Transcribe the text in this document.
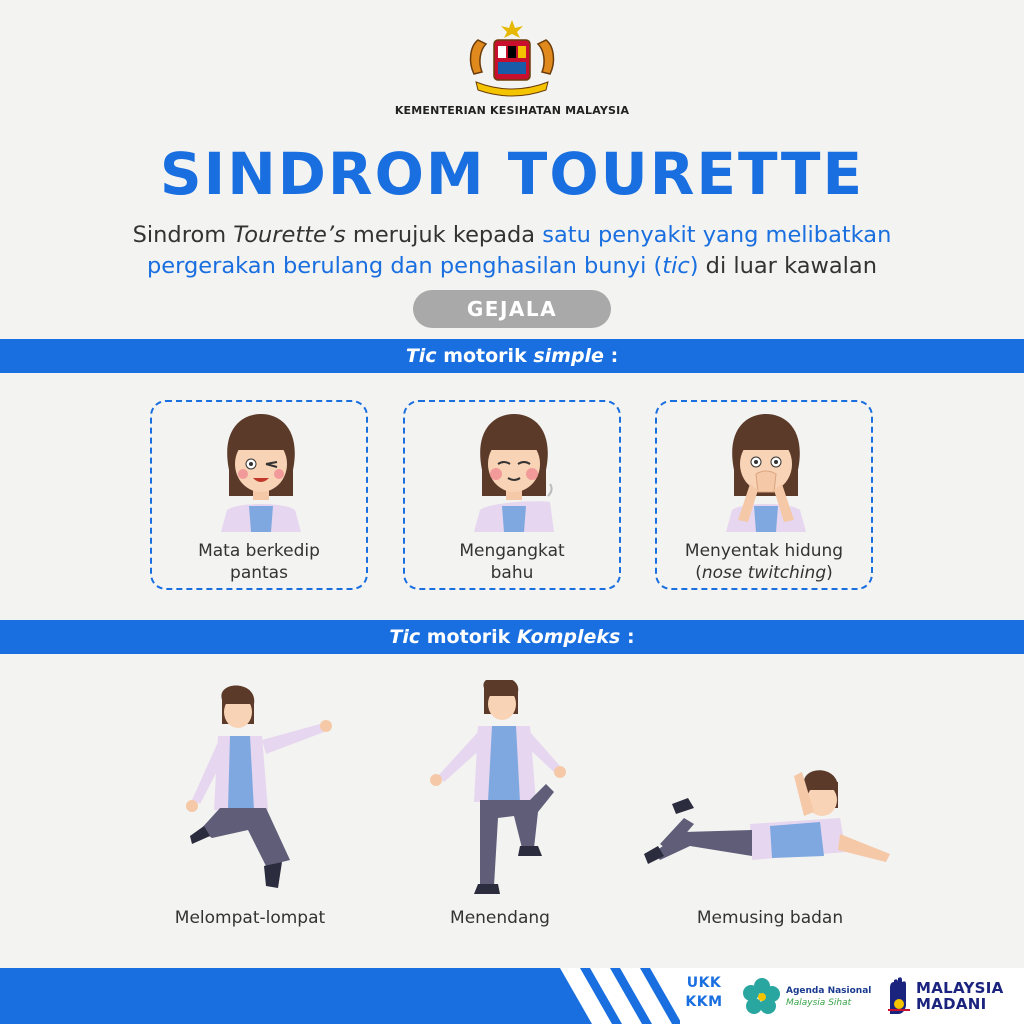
KEMENTERIAN KESIHATAN MALAYSIA
SINDROM TOURETTE
Sindrom Tourette’s merujuk kepada satu penyakit yang melibatkan pergerakan berulang dan penghasilan bunyi (tic) di luar kawalan
GEJALA
Tic motorik simple :
Mata berkedip
pantas
Mengangkat
bahu
Menyentak hidung
(nose twitching)
Tic motorik Kompleks :
Melompat-lompat	Menendang	Memusing badan
UKK
KKM
Agenda Nasional
Malaysia Sihat
MALAYSIA
MADANI
